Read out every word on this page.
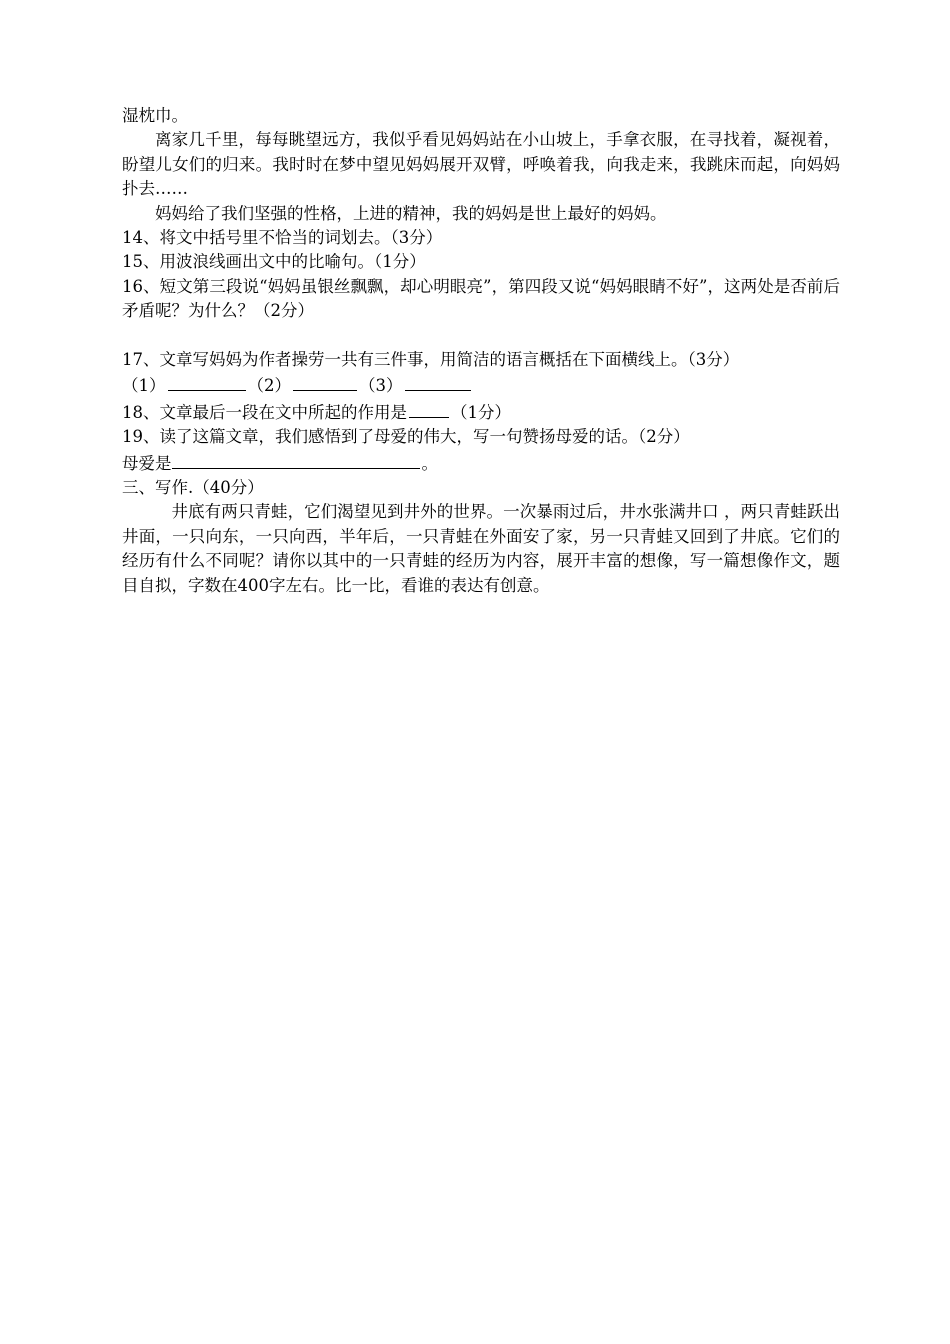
湿枕巾。

离家几千里，每每眺望远方，我似乎看见妈妈站在小山坡上，手拿衣服，在寻找着，凝视着，盼望儿女们的归来。我时时在梦中望见妈妈展开双臂，呼唤着我，向我走来，我跳床而起，向妈妈扑去……

妈妈给了我们坚强的性格，上进的精神，我的妈妈是世上最好的妈妈。

14、将文中括号里不恰当的词划去。（3分）

15、用波浪线画出文中的比喻句。（1分）

16、短文第三段说“妈妈虽银丝飘飘，却心明眼亮”，第四段又说“妈妈眼睛不好”，这两处是否前后矛盾呢？为什么？（2分）

17、文章写妈妈为作者操劳一共有三件事，用简洁的语言概括在下面横线上。（3分）

（1）	（2）	（3）

18、文章最后一段在文中所起的作用是	（1分）

19、读了这篇文章，我们感悟到了母爱的伟大，写一句赞扬母爱的话。（2分）

母爱是	。

三、写作.（40分）

井底有两只青蛙，它们渴望见到井外的世界。一次暴雨过后，井水张满井口 ，两只青蛙跃出井面，一只向东，一只向西，半年后，一只青蛙在外面安了家，另一只青蛙又回到了井底。它们的经历有什么不同呢？请你以其中的一只青蛙的经历为内容，展开丰富的想像，写一篇想像作文，题目自拟，字数在400字左右。比一比，看谁的表达有创意。
